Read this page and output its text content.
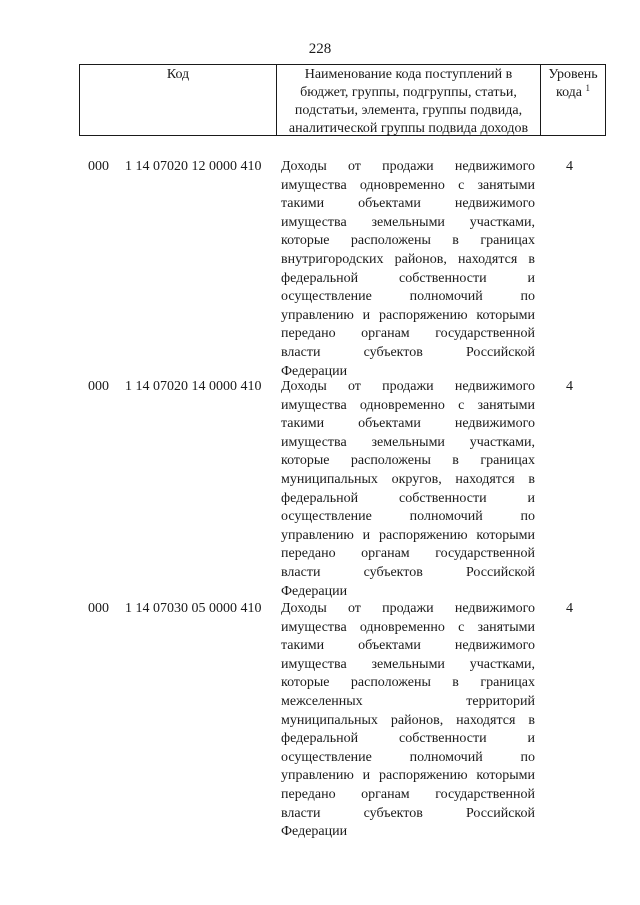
228
Код	Наименование кода поступлений в
бюджет, группы, подгруппы, статьи,
подстатьи, элемента, группы подвида,
аналитической группы подвида доходов
Уровень
кода $^1$
000 1 14 07020 12 0000 410 Доходы от продажи недвижимого
имущества одновременно с занятыми
такими объектами недвижимого
имущества земельными участками,
которые расположены в границах
внутригородских районов, находятся в
федеральной собственности и
осуществление полномочий по
управлению и распоряжению которыми
передано органам государственной
власти субъектов Российской
Федерации
4
000 1 14 07020 14 0000 410 Доходы от продажи недвижимого
имущества одновременно с занятыми
такими объектами недвижимого
имущества земельными участками,
которые расположены в границах
муниципальных округов, находятся в
федеральной собственности и
осуществление полномочий по
управлению и распоряжению которыми
передано органам государственной
власти субъектов Российской
Федерации
4
000 1 14 07030 05 0000 410 Доходы от продажи недвижимого
имущества одновременно с занятыми
такими объектами недвижимого
имущества земельными участками,
которые расположены в границах
межселенных территорий
муниципальных районов, находятся в
федеральной собственности и
осуществление полномочий по
управлению и распоряжению которыми
передано органам государственной
власти субъектов Российской
Федерации
4
